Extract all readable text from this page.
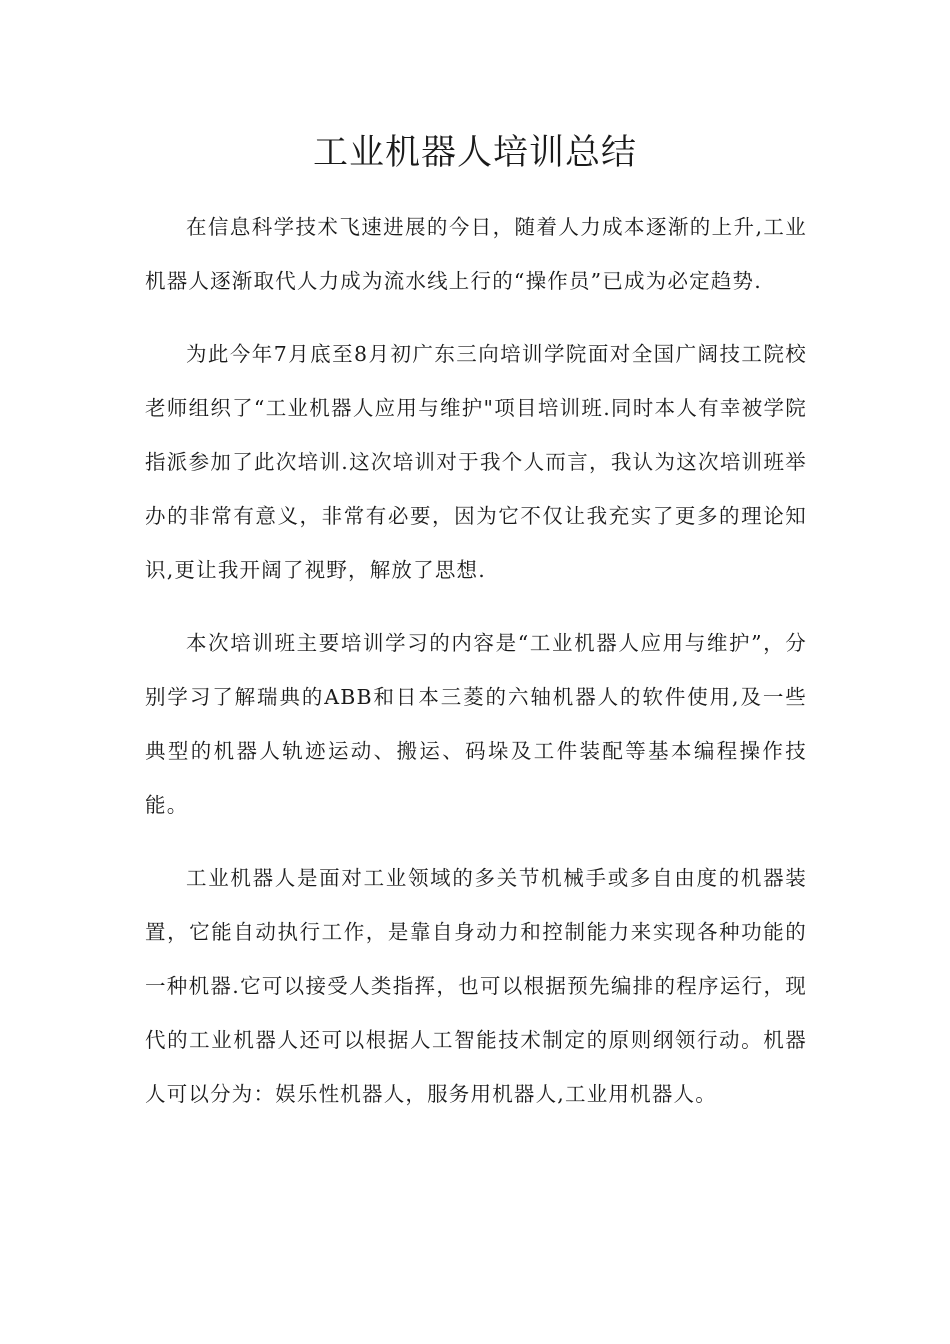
工业机器人培训总结

在信息科学技术飞速进展的今日，随着人力成本逐渐的上升,工业机器人逐渐取代人力成为流水线上行的“操作员”已成为必定趋势.

为此今年7月底至8月初广东三向培训学院面对全国广阔技工院校老师组织了“工业机器人应用与维护"项目培训班.同时本人有幸被学院指派参加了此次培训.这次培训对于我个人而言，我认为这次培训班举办的非常有意义，非常有必要，因为它不仅让我充实了更多的理论知识,更让我开阔了视野，解放了思想.

本次培训班主要培训学习的内容是“工业机器人应用与维护”，分别学习了解瑞典的ABB和日本三菱的六轴机器人的软件使用,及一些典型的机器人轨迹运动、搬运、码垛及工件装配等基本编程操作技能。

工业机器人是面对工业领域的多关节机械手或多自由度的机器装置，它能自动执行工作，是靠自身动力和控制能力来实现各种功能的一种机器.它可以接受人类指挥，也可以根据预先编排的程序运行，现代的工业机器人还可以根据人工智能技术制定的原则纲领行动。机器人可以分为：娱乐性机器人，服务用机器人,工业用机器人。
